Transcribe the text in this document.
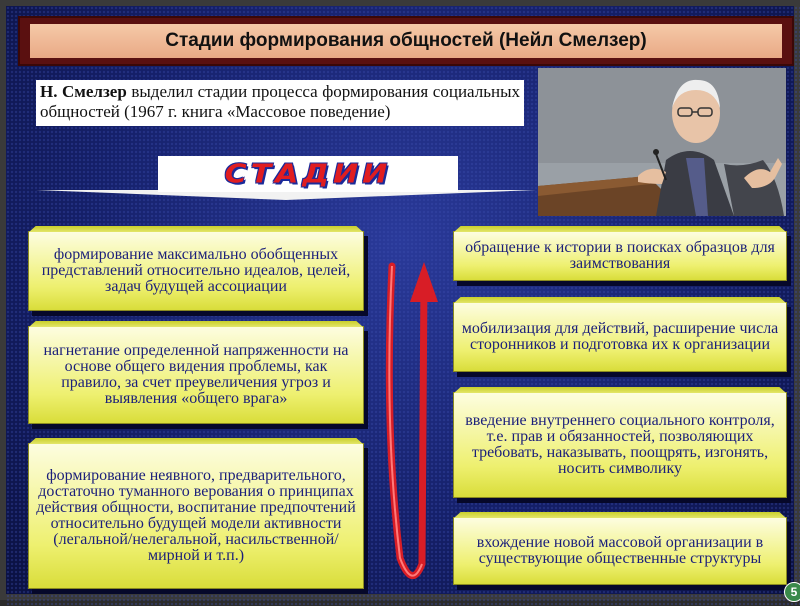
Стадии формирования общностей (Нейл Смелзер)
Н. Смелзер выделил стадии процесса формирования социальных общностей (1967 г. книга «Массовое поведение)
СТАДИИ
формирование максимально обобщенных представлений относительно идеалов, целей, задач будущей ассоциации
нагнетание определенной напряженности на основе общего видения проблемы, как правило, за счет преувеличения угроз и выявления «общего врага»
формирование неявного, предварительного, достаточно туманного верования о принципах действия общности, воспитание предпочтений относительно будущей модели активности (легальной/нелегальной, насильственной/мирной и т.п.)
обращение к истории в поисках образцов для заимствования
мобилизация для действий, расширение числа сторонников и подготовка их к организации
введение внутреннего социального контроля, т.е. прав и обязанностей, позволяющих требовать, наказывать, поощрять, изгонять, носить символику
вхождение новой массовой организации в существующие общественные структуры
5
